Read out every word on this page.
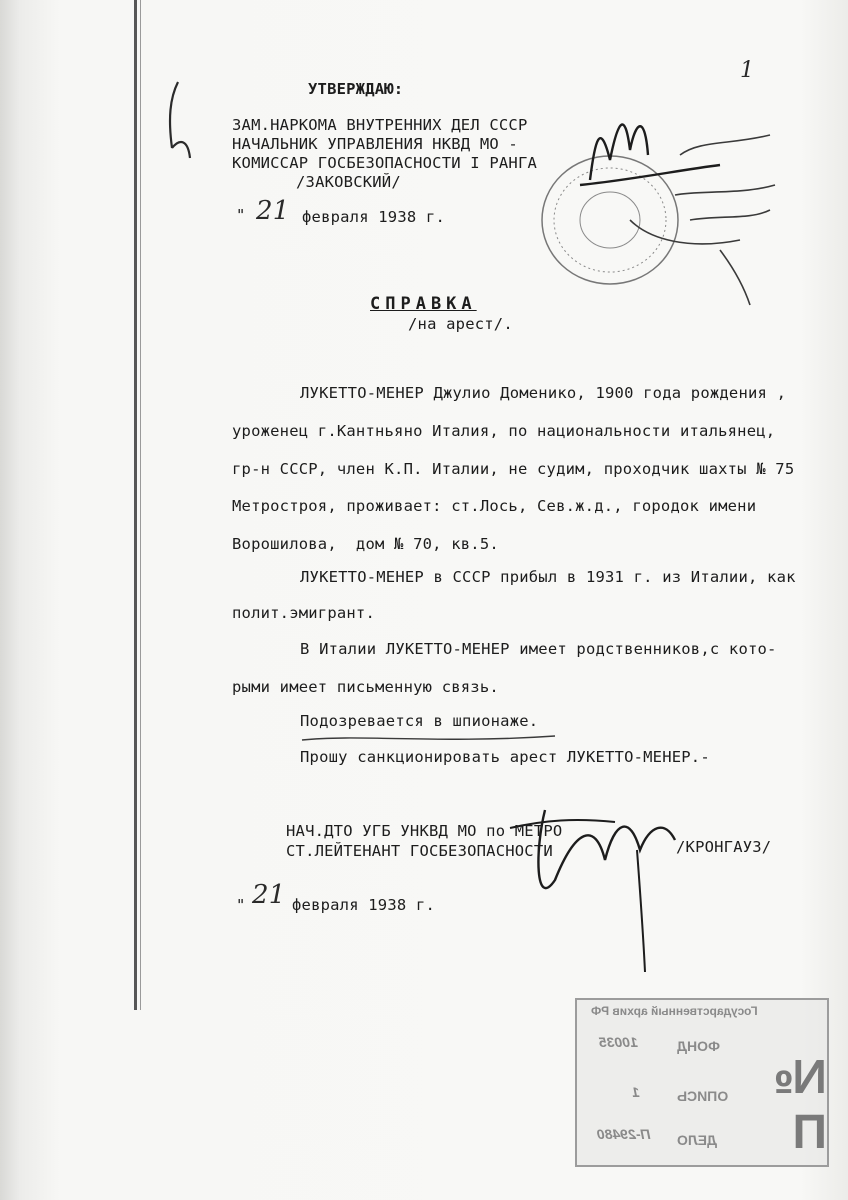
1
УТВЕРЖДАЮ:
ЗАМ.НАРКОМА ВНУТРЕННИХ ДЕЛ СССР
НАЧАЛЬНИК УПРАВЛЕНИЯ НКВД МО -
КОМИССАР ГОСБЕЗОПАСНОСТИ I РАНГА
/ЗАКОВСКИЙ/
" 21 февраля 1938 г.
СПРАВКА
/на арест/.
ЛУКЕТТО-МЕНЕР Джулио Доменико, 1900 года рождения ,
уроженец г.Кантньяно Италия, по национальности итальянец,
гр-н СССР, член К.П. Италии, не судим, проходчик шахты № 75
Метростроя, проживает: ст.Лось, Сев.ж.д., городок имени
Ворошилова,  дом № 70, кв.5.
ЛУКЕТТО-МЕНЕР в СССР прибыл в 1931 г. из Италии, как
полит.эмигрант.
В Италии ЛУКЕТТО-МЕНЕР имеет родственников,с кото-
рыми имеет письменную связь.
Подозревается в шпионаже.
Прошу санкционировать арест ЛУКЕТТО-МЕНЕР.-
НАЧ.ДТО УГБ УНКВД МО по МЕТРО
СТ.ЛЕЙТЕНАНТ ГОСБЕЗОПАСНОСТИ	/КРОНГАУЗ/
" 21 февраля 1938 г.
Государственный архив РФ
ФОНД
10035
ОПИСЬ
1
ДЕЛО
П-29480
№ П
